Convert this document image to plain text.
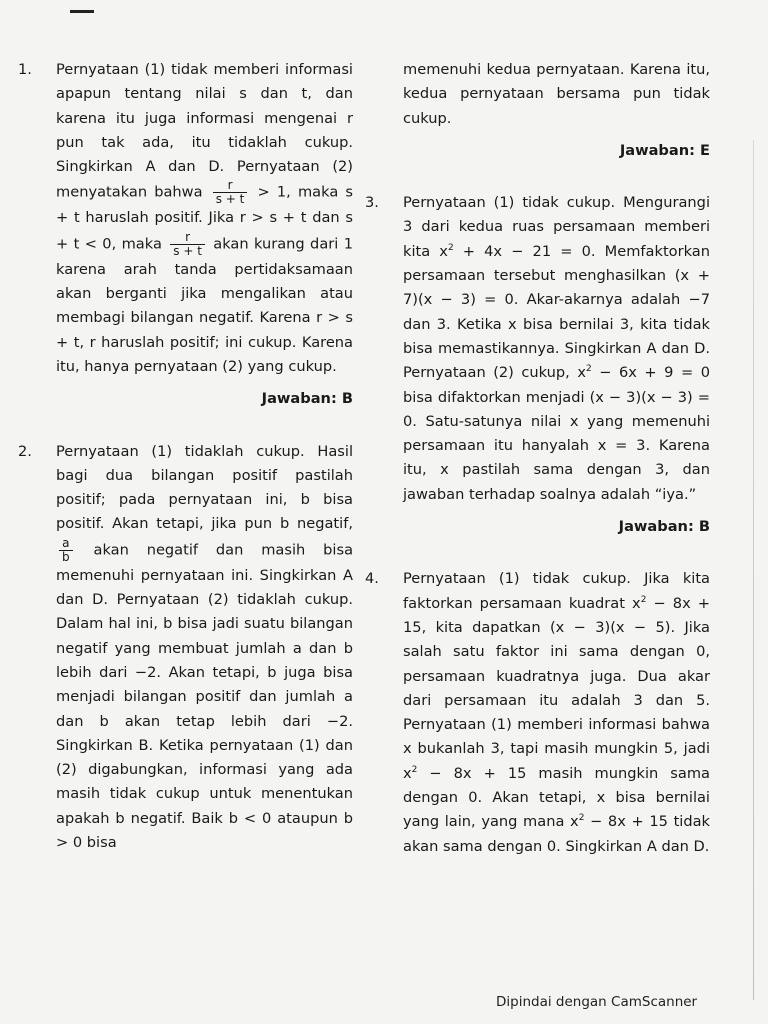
1.	Pernyataan (1) tidak memberi informasi apapun tentang nilai s dan t, dan karena itu juga informasi mengenai r pun tak ada, itu tidaklah cukup. Singkirkan A dan D. Pernyataan (2) menyatakan bahwa $\frac{r}{s + t} > 1$, maka s + t haruslah positif. Jika r > s + t dan s + t < 0, maka $\frac{r}{s + t}$ akan kurang dari 1 karena arah tanda pertidaksamaan akan berganti jika mengalikan atau membagi bilangan negatif. Karena r > s + t, r haruslah positif; ini cukup. Karena itu, hanya pernyataan (2) yang cukup.
Jawaban: B
2.	Pernyataan (1) tidaklah cukup. Hasil bagi dua bilangan positif pastilah positif; pada pernyataan ini, b bisa positif. Akan tetapi, jika pun b negatif,
$\frac{a}{b}$ akan negatif dan masih bisa memenuhi pernyataan ini. Singkirkan A dan D. Pernyataan (2) tidaklah cukup. Dalam hal ini, b bisa jadi suatu bilangan negatif yang membuat jumlah a dan b lebih dari −2. Akan tetapi, b juga bisa menjadi bilangan positif dan jumlah a dan b akan tetap lebih dari −2. Singkirkan B. Ketika pernyataan (1) dan (2) digabungkan, informasi yang ada masih tidak cukup untuk menentukan apakah b negatif. Baik b < 0 ataupun b > 0 bisa
memenuhi kedua pernyataan. Karena itu, kedua pernyataan bersama pun tidak cukup.
Jawaban: E
3.	Pernyataan (1) tidak cukup. Mengurangi 3 dari kedua ruas persamaan memberi kita $x^2 + 4x - 21 = 0$. Memfaktorkan persamaan tersebut menghasilkan (x + 7)(x − 3) = 0. Akar-akarnya adalah −7 dan 3. Ketika x bisa bernilai 3, kita tidak bisa memastikannya. Singkirkan A dan D. Pernyataan (2) cukup, $x^2 - 6x + 9 = 0$ bisa difaktorkan menjadi (x − 3)(x − 3) = 0. Satu-satunya nilai x yang memenuhi persamaan itu hanyalah x = 3. Karena itu, x pastilah sama dengan 3, dan jawaban terhadap soalnya adalah “iya.”
Jawaban: B
4.	Pernyataan (1) tidak cukup. Jika kita faktorkan persamaan kuadrat $x^2 - 8x + 15$, kita dapatkan (x − 3)(x − 5). Jika salah satu faktor ini sama dengan 0, persamaan kuadratnya juga. Dua akar dari persamaan itu adalah 3 dan 5. Pernyataan (1) memberi informasi bahwa x bukanlah 3, tapi masih mungkin 5, jadi $x^2 - 8x + 15$ masih mungkin sama dengan 0. Akan tetapi, x bisa bernilai yang lain, yang mana $x^2 - 8x + 15$ tidak akan sama dengan 0. Singkirkan A dan D.
Dipindai dengan CamScanner
